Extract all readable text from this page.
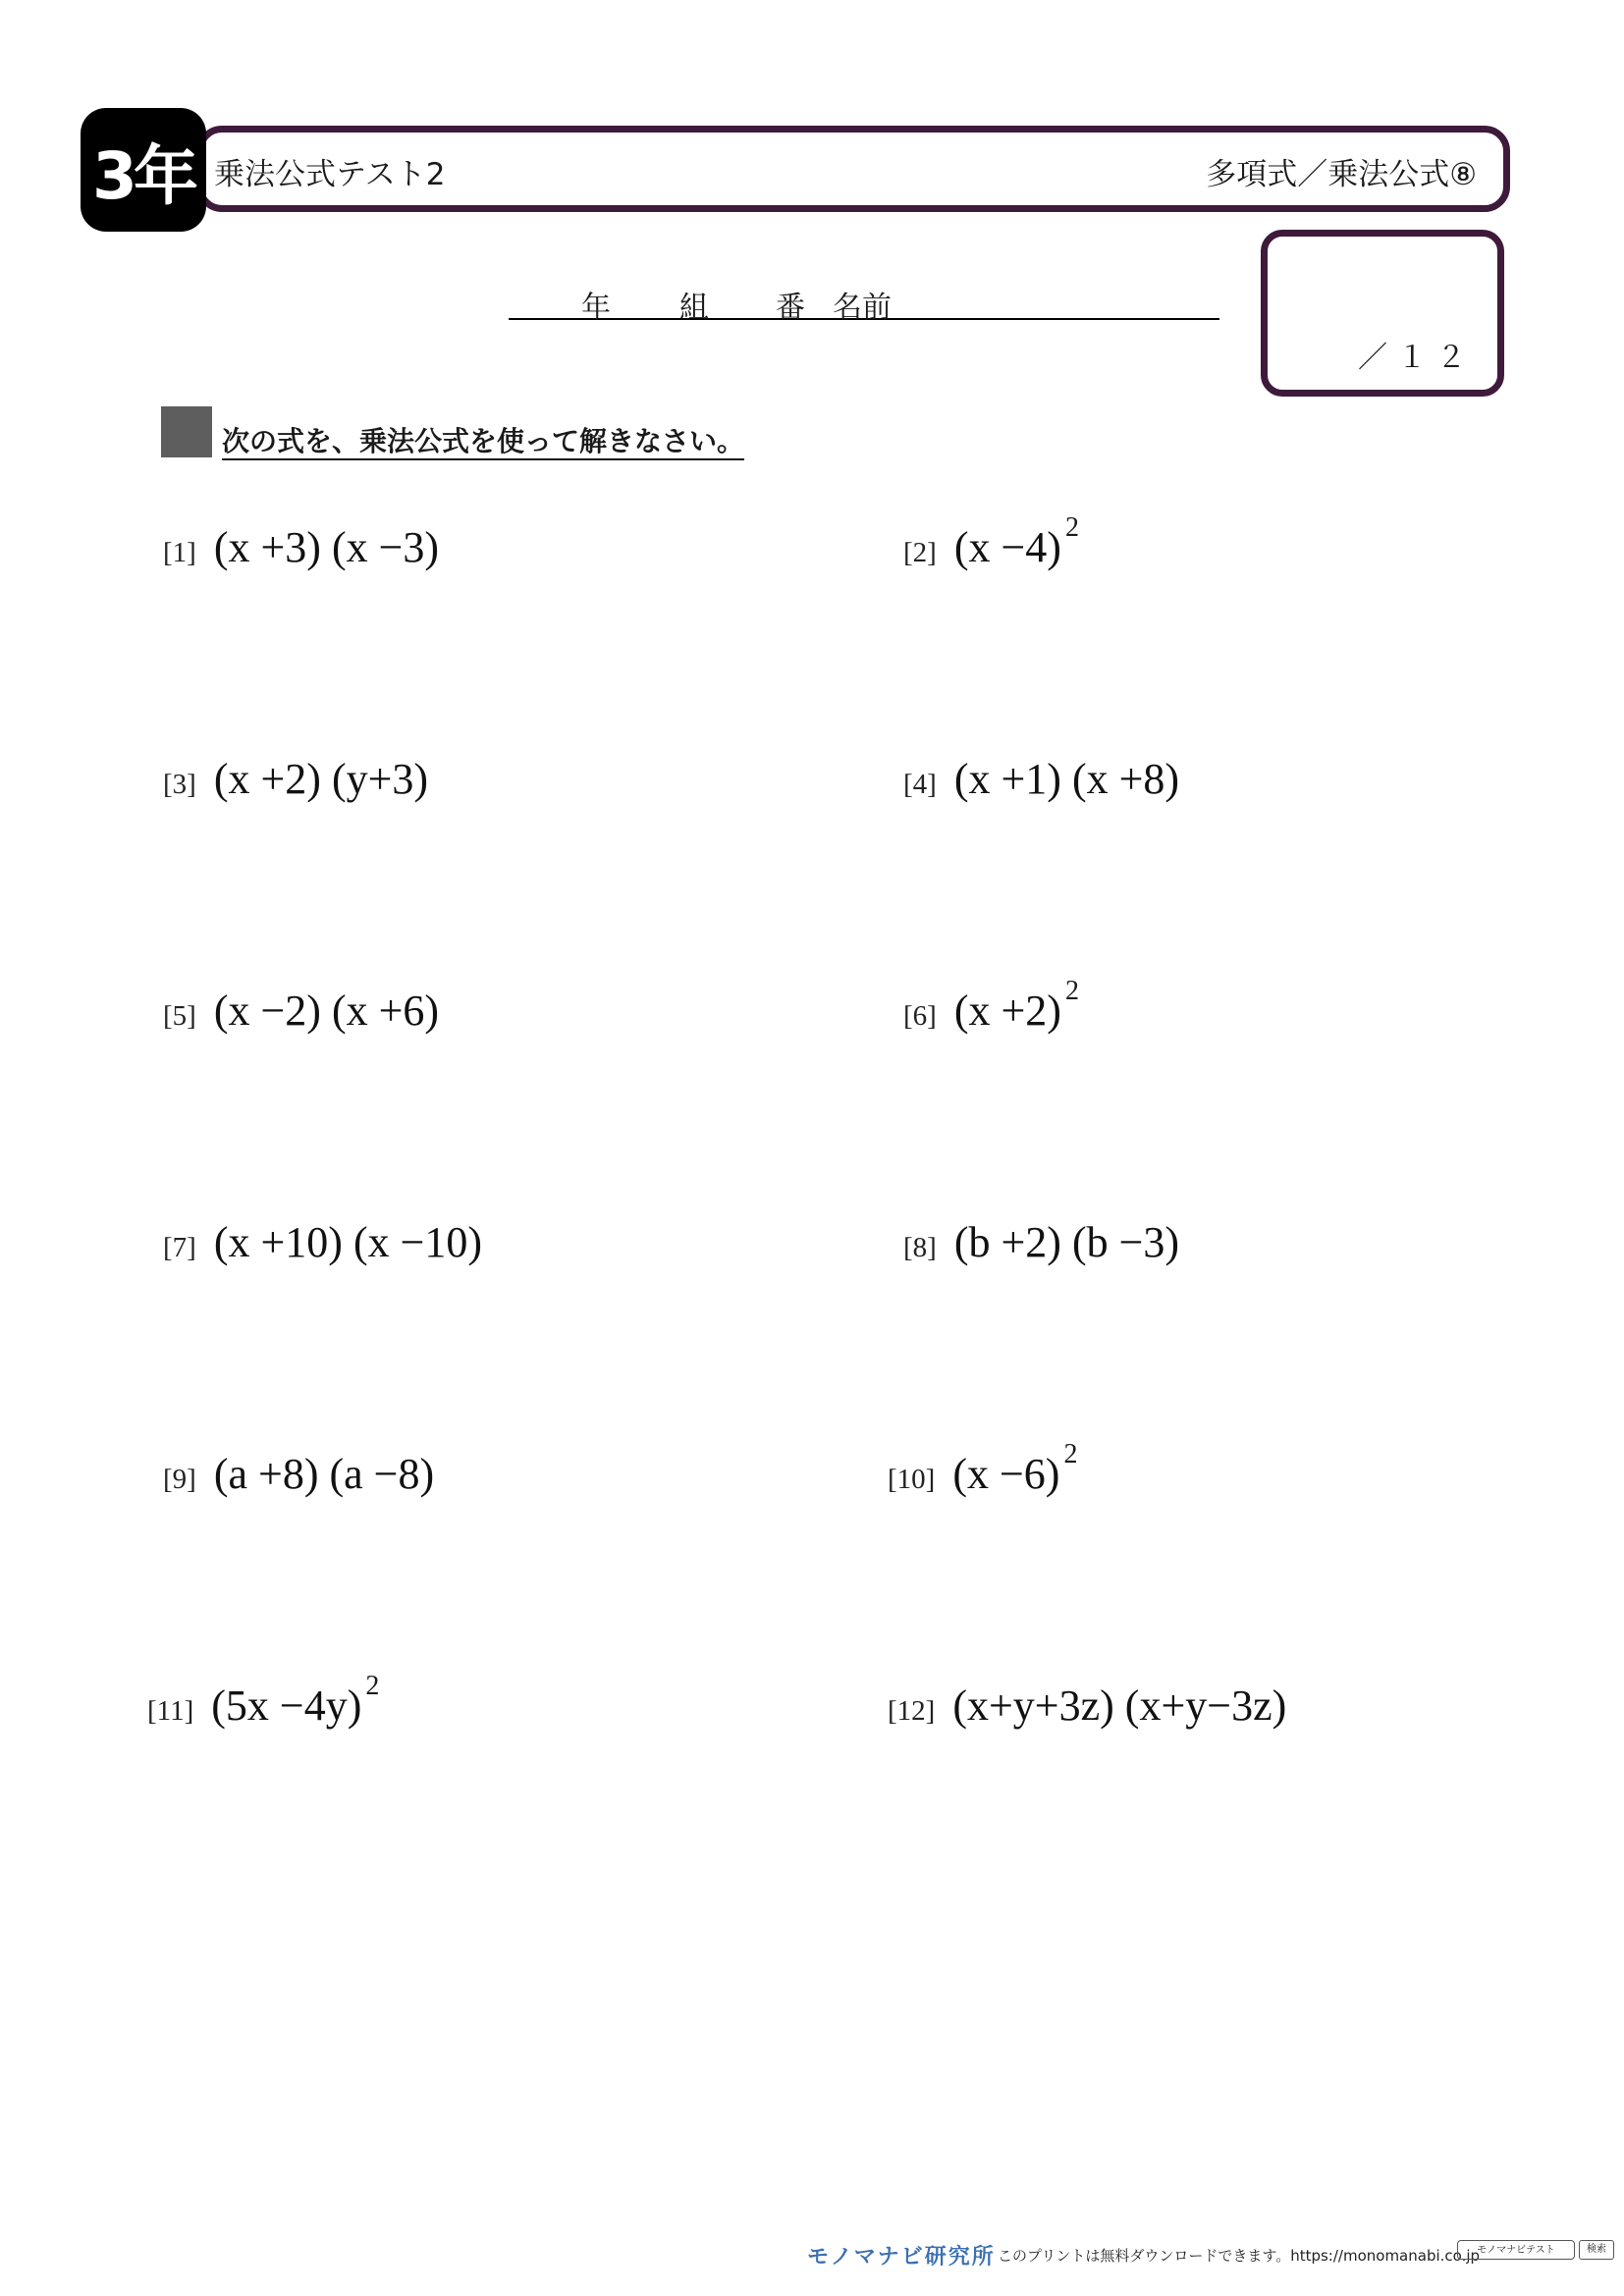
3年 乗法公式テスト2	多項式／乗法公式⑧
年 組 番 名前
／１２
次の式を、乗法公式を使って解きなさい。
[1] (x +3) (x −3)
[3] (x +2) (y+3)
[5] (x −2) (x +6)
[7] (x +10) (x −10)
[9] (a +8) (a −8)
[11] (5x −4y) 2
[2] (x −4) 2
[4] (x +1) (x +8)
[6] (x +2) 2
[8] (b +2) (b −3)
[10] (x −6) 2
[12] (x+y+3z) (x+y−3z)
モノマナビ研究所 このプリントは無料ダウンロードできます。https://monomanabi.co.jp
モノマナビテスト	検索
